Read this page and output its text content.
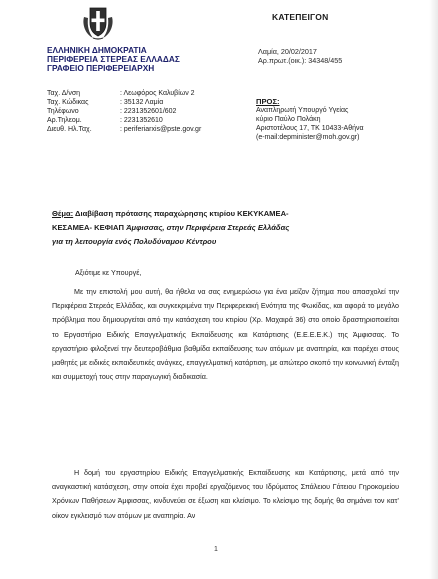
ΚΑΤΕΠΕΙΓΟΝ
ΕΛΛΗΝΙΚΗ ΔΗΜΟΚΡΑΤΙΑ
ΠΕΡΙΦΕΡΕΙΑ ΣΤΕΡΕΑΣ ΕΛΛΑΔΑΣ
ΓΡΑΦΕΙΟ ΠΕΡΙΦΕΡΕΙΑΡΧΗ
Λαμία, 20/02/2017
Αρ.πρωτ.(οικ.): 34348/455
Ταχ. Δ/νση	: Λεωφόρος Καλυβίων 2
Ταχ. Κώδικας	: 35132 Λαμία
Τηλέφωνο	: 2231352601/602
Αρ.Τηλεομ.	: 2231352610
Διευθ. Ηλ.Ταχ.	: periferiarxis@pste.gov.gr
ΠΡΟΣ:
Αναπληρωτή Υπουργό Υγείας
κύριο Παύλο Πολάκη
Αριστοτέλους 17, ΤΚ 10433-Αθήνα
(e-mail:depminister@moh.gov.gr)
Θέμα: Διαβίβαση πρότασης παραχώρησης κτιρίου ΚΕΚΥΚΑΜΕΑ-
ΚΕΣΑΜΕΑ- ΚΕΦΙΑΠ Άμφισσας, στην Περιφέρεια Στερεάς Ελλάδας
για τη λειτουργία ενός Πολυδύναμου Κέντρου
Αξιότιμε κε Υπουργέ,
Με την επιστολή μου αυτή, θα ήθελα να σας ενημερώσω για ένα μείζον ζήτημα που απασχολεί την Περιφέρεια Στερεάς Ελλάδας, και συγκεκριμένα την Περιφερειακή Ενότητα της Φωκίδας, και αφορά το μεγάλο πρόβλημα που δημιουργείται από την κατάσχεση του κτιρίου (Χρ. Μαχαιρά 36) στο οποίο δραστηριοποιείται το Εργαστήριο Ειδικής Επαγγελματικής Εκπαίδευσης και Κατάρτισης (Ε.Ε.Ε.Ε.Κ.) της Άμφισσας. Το εργαστήριο φιλοξενεί την δευτεροβάθμια βαθμίδα εκπαίδευσης των ατόμων με αναπηρία, και παρέχει στους μαθητές με ειδικές εκπαιδευτικές ανάγκες, επαγγελματική κατάρτιση, με απώτερο σκοπό την κοινωνική ένταξη και συμμετοχή τους στην παραγωγική διαδικασία.
Η δομή του εργαστηρίου Ειδικής Επαγγελματικής Εκπαίδευσης και Κατάρτισης, μετά από την αναγκαστική κατάσχεση, στην οποία έχει προβεί εργαζόμενος του Ιδρύματος Σπάλειου Γάτειου Γηροκομείου Χρόνιων Παθήσεων Άμφισσας, κινδυνεύει σε έξωση και κλείσιμο. Το κλείσιμο της δομής θα σημάνει τον κατ’ οίκον εγκλεισμό των ατόμων με αναπηρία. Αν
1
